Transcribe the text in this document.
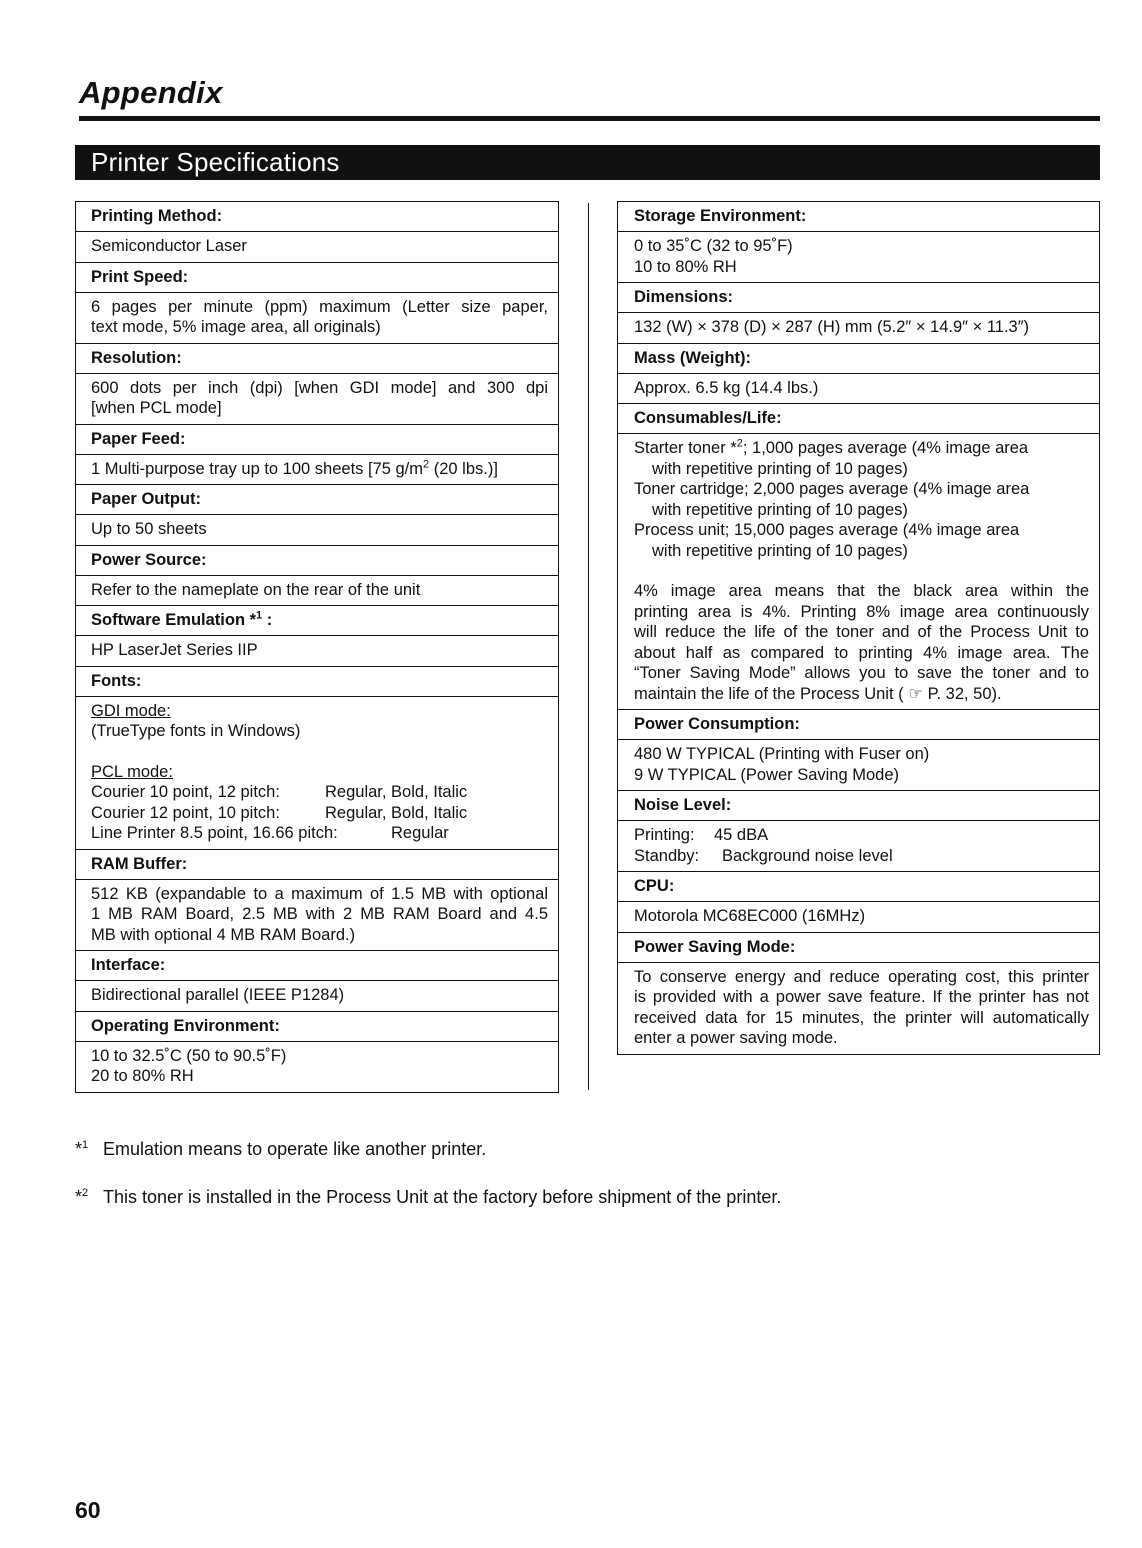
Appendix
Printer Specifications
Printing Method:
Semiconductor Laser
Print Speed:
6 pages per minute (ppm) maximum (Letter size paper,
text mode, 5% image area, all originals)
Resolution:
600 dots per inch (dpi) [when GDI mode] and 300 dpi
[when PCL mode]
Paper Feed:
1 Multi-purpose tray up to 100 sheets [75 $g/m^2$ (20 lbs.)]
Paper Output:
Up to 50 sheets
Power Source:
Refer to the nameplate on the rear of the unit
Software Emulation *$^1$ :
HP LaserJet Series IIP
Fonts:
GDI mode:
(TrueType fonts in Windows)
PCL mode:
Courier 10 point, 12 pitch:	Regular, Bold, Italic
Courier 12 point, 10 pitch:	Regular, Bold, Italic
Line Printer 8.5 point, 16.66 pitch:	Regular
RAM Buffer:
512 KB (expandable to a maximum of 1.5 MB with optional
1 MB RAM Board, 2.5 MB with 2 MB RAM Board and 4.5
MB with optional 4 MB RAM Board.)
Interface:
Bidirectional parallel (IEEE P1284)
Operating Environment:
10 to 32.5˚C (50 to 90.5˚F)
20 to 80% RH
Storage Environment:
0 to 35˚C (32 to 95˚F)
10 to 80% RH
Dimensions:
132 (W) × 378 (D) × 287 (H) mm (5.2″ × 14.9″ × 11.3″)
Mass (Weight):
Approx. 6.5 kg (14.4 lbs.)
Consumables/Life:
Starter toner *$^2$; 1,000 pages average (4% image area
with repetitive printing of 10 pages)
Toner cartridge; 2,000 pages average (4% image area
with repetitive printing of 10 pages)
Process unit; 15,000 pages average (4% image area
with repetitive printing of 10 pages)
4% image area means that the black area within the
printing area is 4%. Printing 8% image area continuously
will reduce the life of the toner and of the Process Unit to
about half as compared to printing 4% image area. The
“Toner Saving Mode” allows you to save the toner and to
maintain the life of the Process Unit ( ☞ P. 32, 50).
Power Consumption:
480 W TYPICAL (Printing with Fuser on)
9 W TYPICAL (Power Saving Mode)
Noise Level:
Printing: 45 dBA
Standby: Background noise level
CPU:
Motorola MC68EC000 (16MHz)
Power Saving Mode:
To conserve energy and reduce operating cost, this printer
is provided with a power save feature. If the printer has not
received data for 15 minutes, the printer will automatically
enter a power saving mode.
*$^1$ Emulation means to operate like another printer.
*$^2$ This toner is installed in the Process Unit at the factory before shipment of the printer.
60
